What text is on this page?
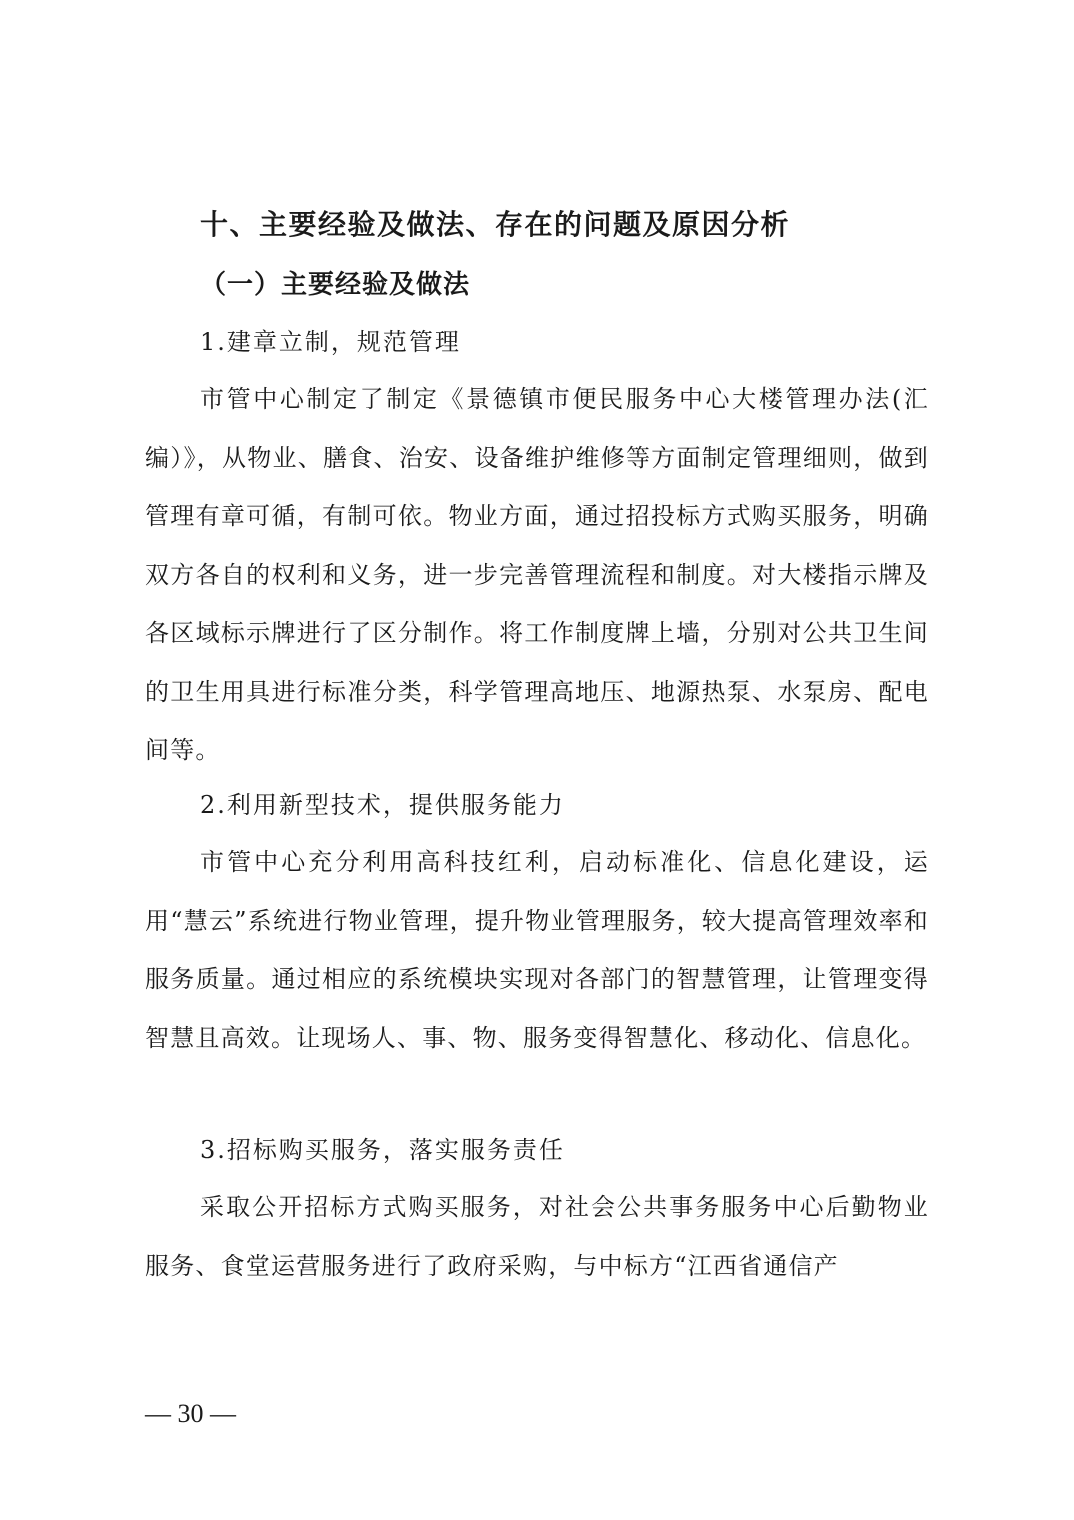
十、主要经验及做法、存在的问题及原因分析
（一）主要经验及做法
1.建章立制，规范管理
市管中心制定了制定《景德镇市便民服务中心大楼管理办法(汇编）》，从物业、膳食、治安、设备维护维修等方面制定管理细则，做到管理有章可循，有制可依。物业方面，通过招投标方式购买服务，明确双方各自的权利和义务，进一步完善管理流程和制度。对大楼指示牌及各区域标示牌进行了区分制作。将工作制度牌上墙，分别对公共卫生间的卫生用具进行标准分类，科学管理高地压、地源热泵、水泵房、配电间等。
2.利用新型技术，提供服务能力
市管中心充分利用高科技红利，启动标准化、信息化建设，运用“慧云”系统进行物业管理，提升物业管理服务，较大提高管理效率和服务质量。通过相应的系统模块实现对各部门的智慧管理，让管理变得智慧且高效。让现场人、事、物、服务变得智慧化、移动化、信息化。
3.招标购买服务，落实服务责任
采取公开招标方式购买服务，对社会公共事务服务中心后勤物业服务、食堂运营服务进行了政府采购，与中标方“江西省通信产
— 30 —
